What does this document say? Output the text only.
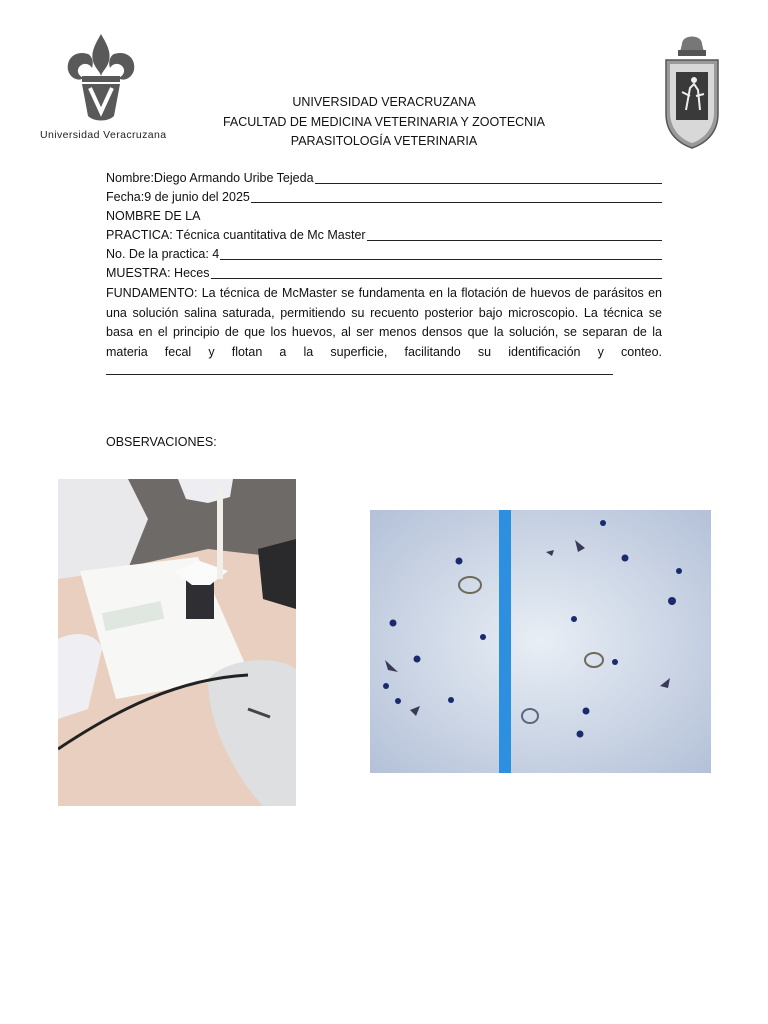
Universidad Veracruzana
UNIVERSIDAD VERACRUZANA
FACULTAD DE MEDICINA VETERINARIA Y ZOOTECNIA
PARASITOLOGÍA VETERINARIA
Nombre:Diego Armando Uribe Tejeda
Fecha:9 de junio del 2025
NOMBRE DE LA
PRACTICA: Técnica cuantitativa de Mc Master
No. De la practica: 4
MUESTRA: Heces
FUNDAMENTO: La técnica de McMaster se fundamenta en la flotación de huevos de parásitos en una solución salina saturada, permitiendo su recuento posterior bajo microscopio. La técnica se basa en el principio de que los huevos, al ser menos densos que la solución, se separan de la materia fecal y flotan a la superficie, facilitando su identificación y conteo.
OBSERVACIONES:
